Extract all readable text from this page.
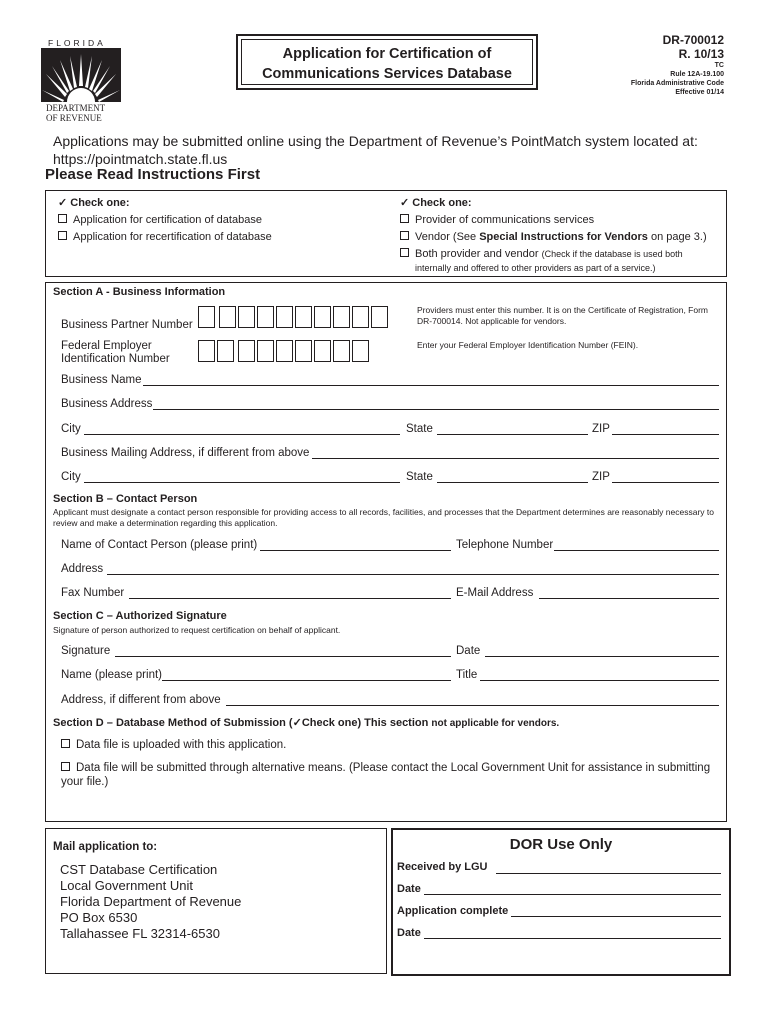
FLORIDA
DEPARTMENT
OF REVENUE
Application for Certification of
Communications Services Database
DR-700012
R. 10/13
TC
Rule 12A-19.100
Florida Administrative Code
Effective 01/14
Applications may be submitted online using the Department of Revenue’s PointMatch system located at:
https://pointmatch.state.fl.us
Please Read Instructions First
✓ Check one:
Application for certification of database
Application for recertification of database
✓ Check one:
Provider of communications services
Vendor (See Special Instructions for Vendors on page 3.)
Both provider and vendor (Check if the database is used both
internally and offered to other providers as part of a service.)
Section A - Business Information
Business Partner Number
Providers must enter this number. It is on the Certificate of Registration, Form DR-700014. Not applicable for vendors.
Federal Employer
Identification Number
Enter your Federal Employer Identification Number (FEIN).
Business Name
Business Address
City	State	ZIP
Business Mailing Address, if different from above
City	State	ZIP
Section B – Contact Person
Applicant must designate a contact person responsible for providing access to all records, facilities, and processes that the Department determines are reasonably necessary to review and make a determination regarding this application.
Name of Contact Person (please print)	Telephone Number
Address
Fax Number	E-Mail Address
Section C – Authorized Signature
Signature of person authorized to request certification on behalf of applicant.
Signature	Date
Name (please print)	Title
Address, if different from above
Section D – Database Method of Submission (✓Check one) This section not applicable for vendors.
Data file is uploaded with this application.
Data file will be submitted through alternative means. (Please contact the Local Government Unit for assistance in submitting
your file.)
Mail application to:
CST Database Certification
Local Government Unit
Florida Department of Revenue
PO Box 6530
Tallahassee FL 32314-6530
DOR Use Only
Received by LGU
Date
Application complete
Date
